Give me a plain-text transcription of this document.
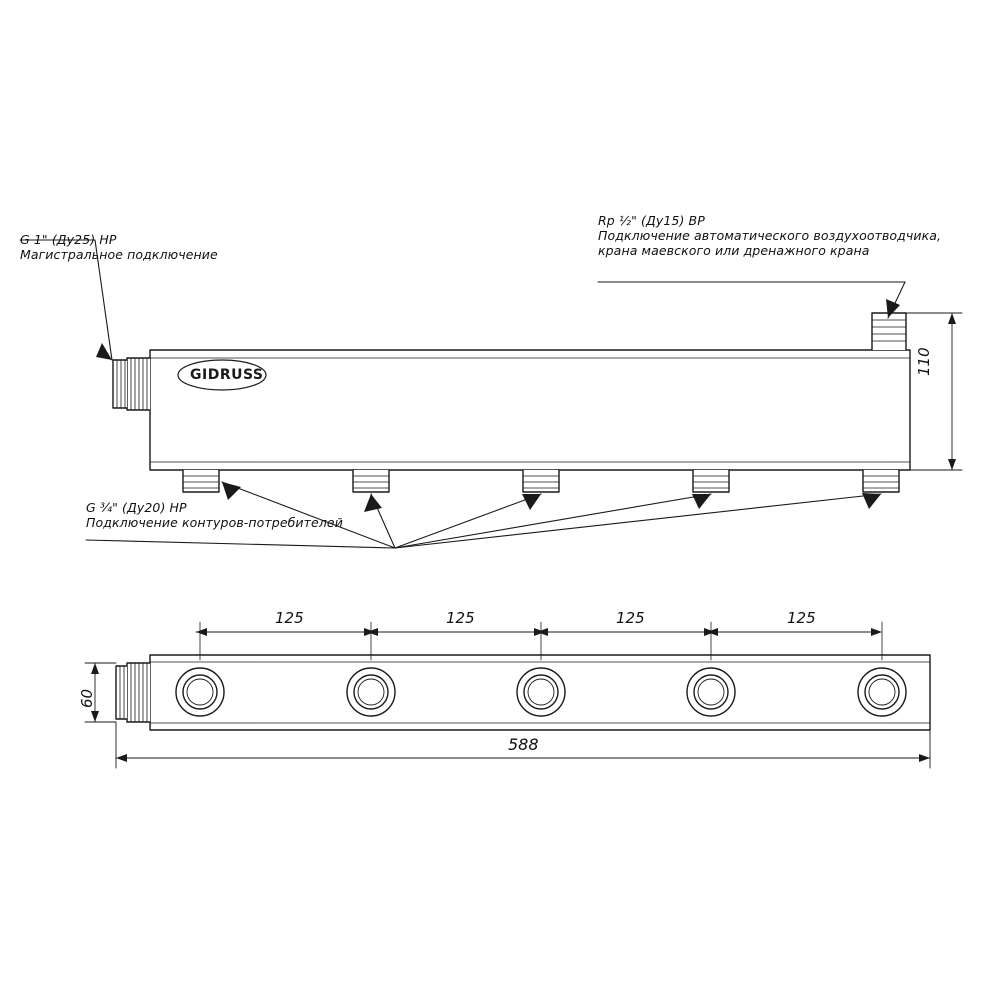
G 1" (Ду25) НР
Магистральное подключение
Rp ½" (Ду15) ВР
Подключение автоматического воздухоотводчика,
крана маевского или дренажного крана
G ¾" (Ду20) НР
Подключение контуров-потребителей
GIDRUSS	110
60
125	125	125	125
588
